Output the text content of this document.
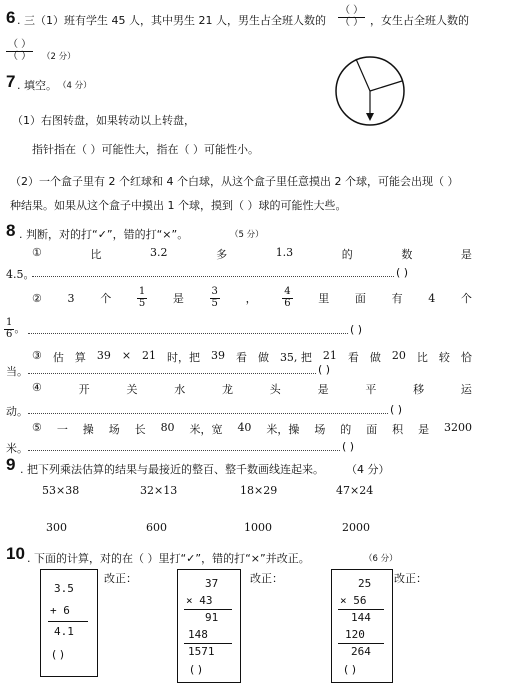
6 . 三（1）班有学生 45 人，其中男生 21 人，男生占全班人数的
（ ）
（ ） ，女生占全班人数的
（ ）
（ ） （2 分）
7 . 填空。 （4 分）
（1）右图转盘，如果转动以上转盘，
指针指在（ ）可能性大，指在（ ）可能性小。
（2）一个盒子里有 2 个红球和 4 个白球，从这个盒子里任意摸出 2 个球，可能会出现（ ）
种结果。如果从这个盒子中摸出 1 个球，摸到（ ）球的可能性大些。
8 . 判断，对的打“✓”，错的打“×”。	（5 分）
①	比	3.2	多	1.3	的	数	是
4.5。	( )
② 3 个	$\frac{1}{5}$ 是	$\frac{3}{5}$ ，	$\frac{4}{6}$ 里 面 有 4 个
$\frac{1}{6}$ 。	( )
③ 估 算 39 × 21 时，把 39 看 做 35, 把 21 看 做 20 比 较 恰
当。	( )
④	开	关	水	龙	头	是	平	移	运
动。	( )
⑤ 一 操 场 长 80 米，宽 40 米，操 场 的 面 积 是 3200
米。	( )
9 . 把下列乘法估算的结果与最接近的整百、整千数画线连起来。 （4 分）
53×38	32×13	18×29	47×24
300	600	1000	2000
10 . 下面的计算，对的在（ ）里打“✓”，错的打“×”并改正。	（6 分）
3.5
+ 6
4.1
( )
改正：	37
× 43
91
148
1571
( )
改正：	25
× 56
144
120
264
( )
改正：
